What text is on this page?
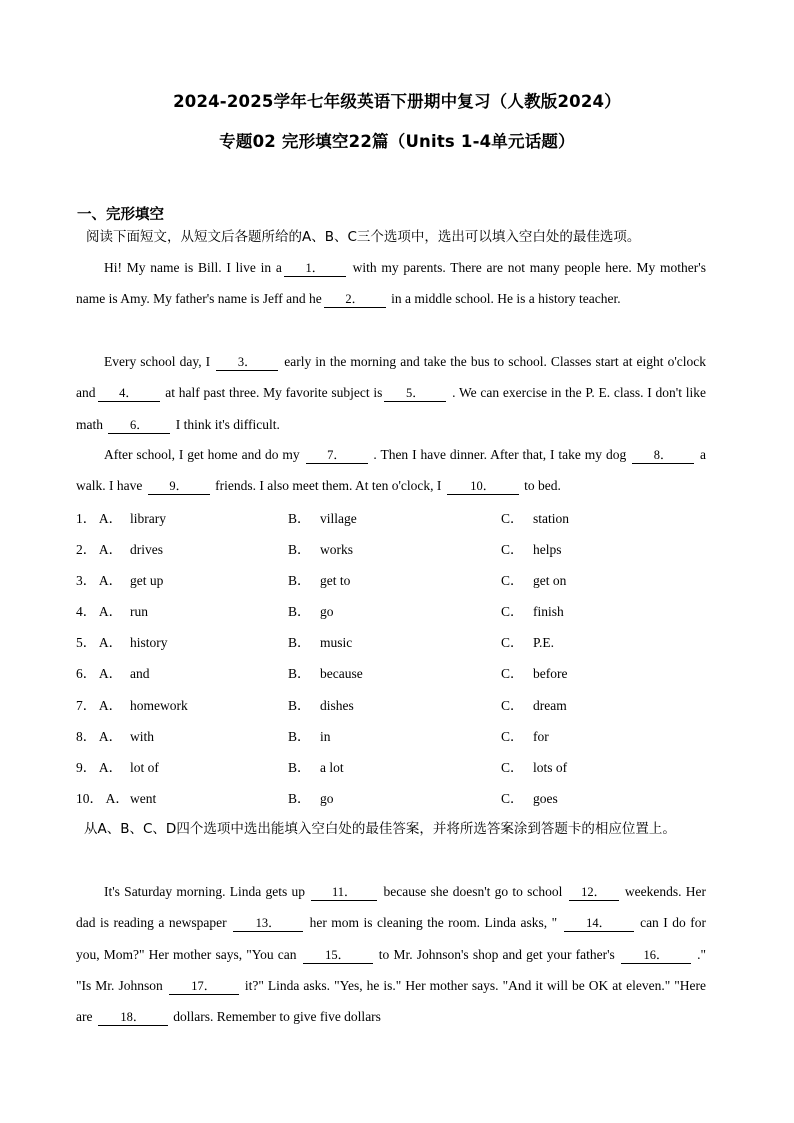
2024-2025学年七年级英语下册期中复习（人教版2024）
专题02 完形填空22篇（Units 1-4单元话题）
一、完形填空
阅读下面短文，从短文后各题所给的A、B、C三个选项中，选出可以填入空白处的最佳选项。
Hi! My name is Bill. I live in a 1． with my parents. There are not many people here. My mother's name is Amy. My father's name is Jeff and he 2． in a middle school. He is a history teacher.
Every school day, I 3． early in the morning and take the bus to school. Classes start at eight o'clock and 4． at half past three. My favorite subject is 5． . We can exercise in the P. E. class. I don't like math 6． I think it's difficult.
After school, I get home and do my 7． . Then I have dinner. After that, I take my dog 8． a walk. I have 9． friends. I also meet them. At ten o'clock, I 10． to bed.
1． A． library	B． village	C． station
2． A． drives	B． works	C． helps
3． A． get up	B． get to	C． get on
4． A． run	B． go	C． finish
5． A． history	B． music	C． P.E.
6． A． and	B． because	C． before
7． A． homework	B． dishes	C． dream
8． A． with	B． in	C． for
9． A． lot of	B． a lot	C． lots of
10． A． went	B． go	C． goes
从A、B、C、D四个选项中选出能填入空白处的最佳答案，并将所选答案涂到答题卡的相应位置上。
It's Saturday morning. Linda gets up 11． because she doesn't go to school 12． weekends. Her dad is reading a newspaper 13． her mom is cleaning the room. Linda asks, " 14． can I do for you, Mom?" Her mother says, "You can 15． to Mr. Johnson's shop and get your father's 16． ." "Is Mr. Johnson 17． it?" Linda asks. "Yes, he is." Her mother says. "And it will be OK at eleven." "Here are 18． dollars. Remember to give five dollars
